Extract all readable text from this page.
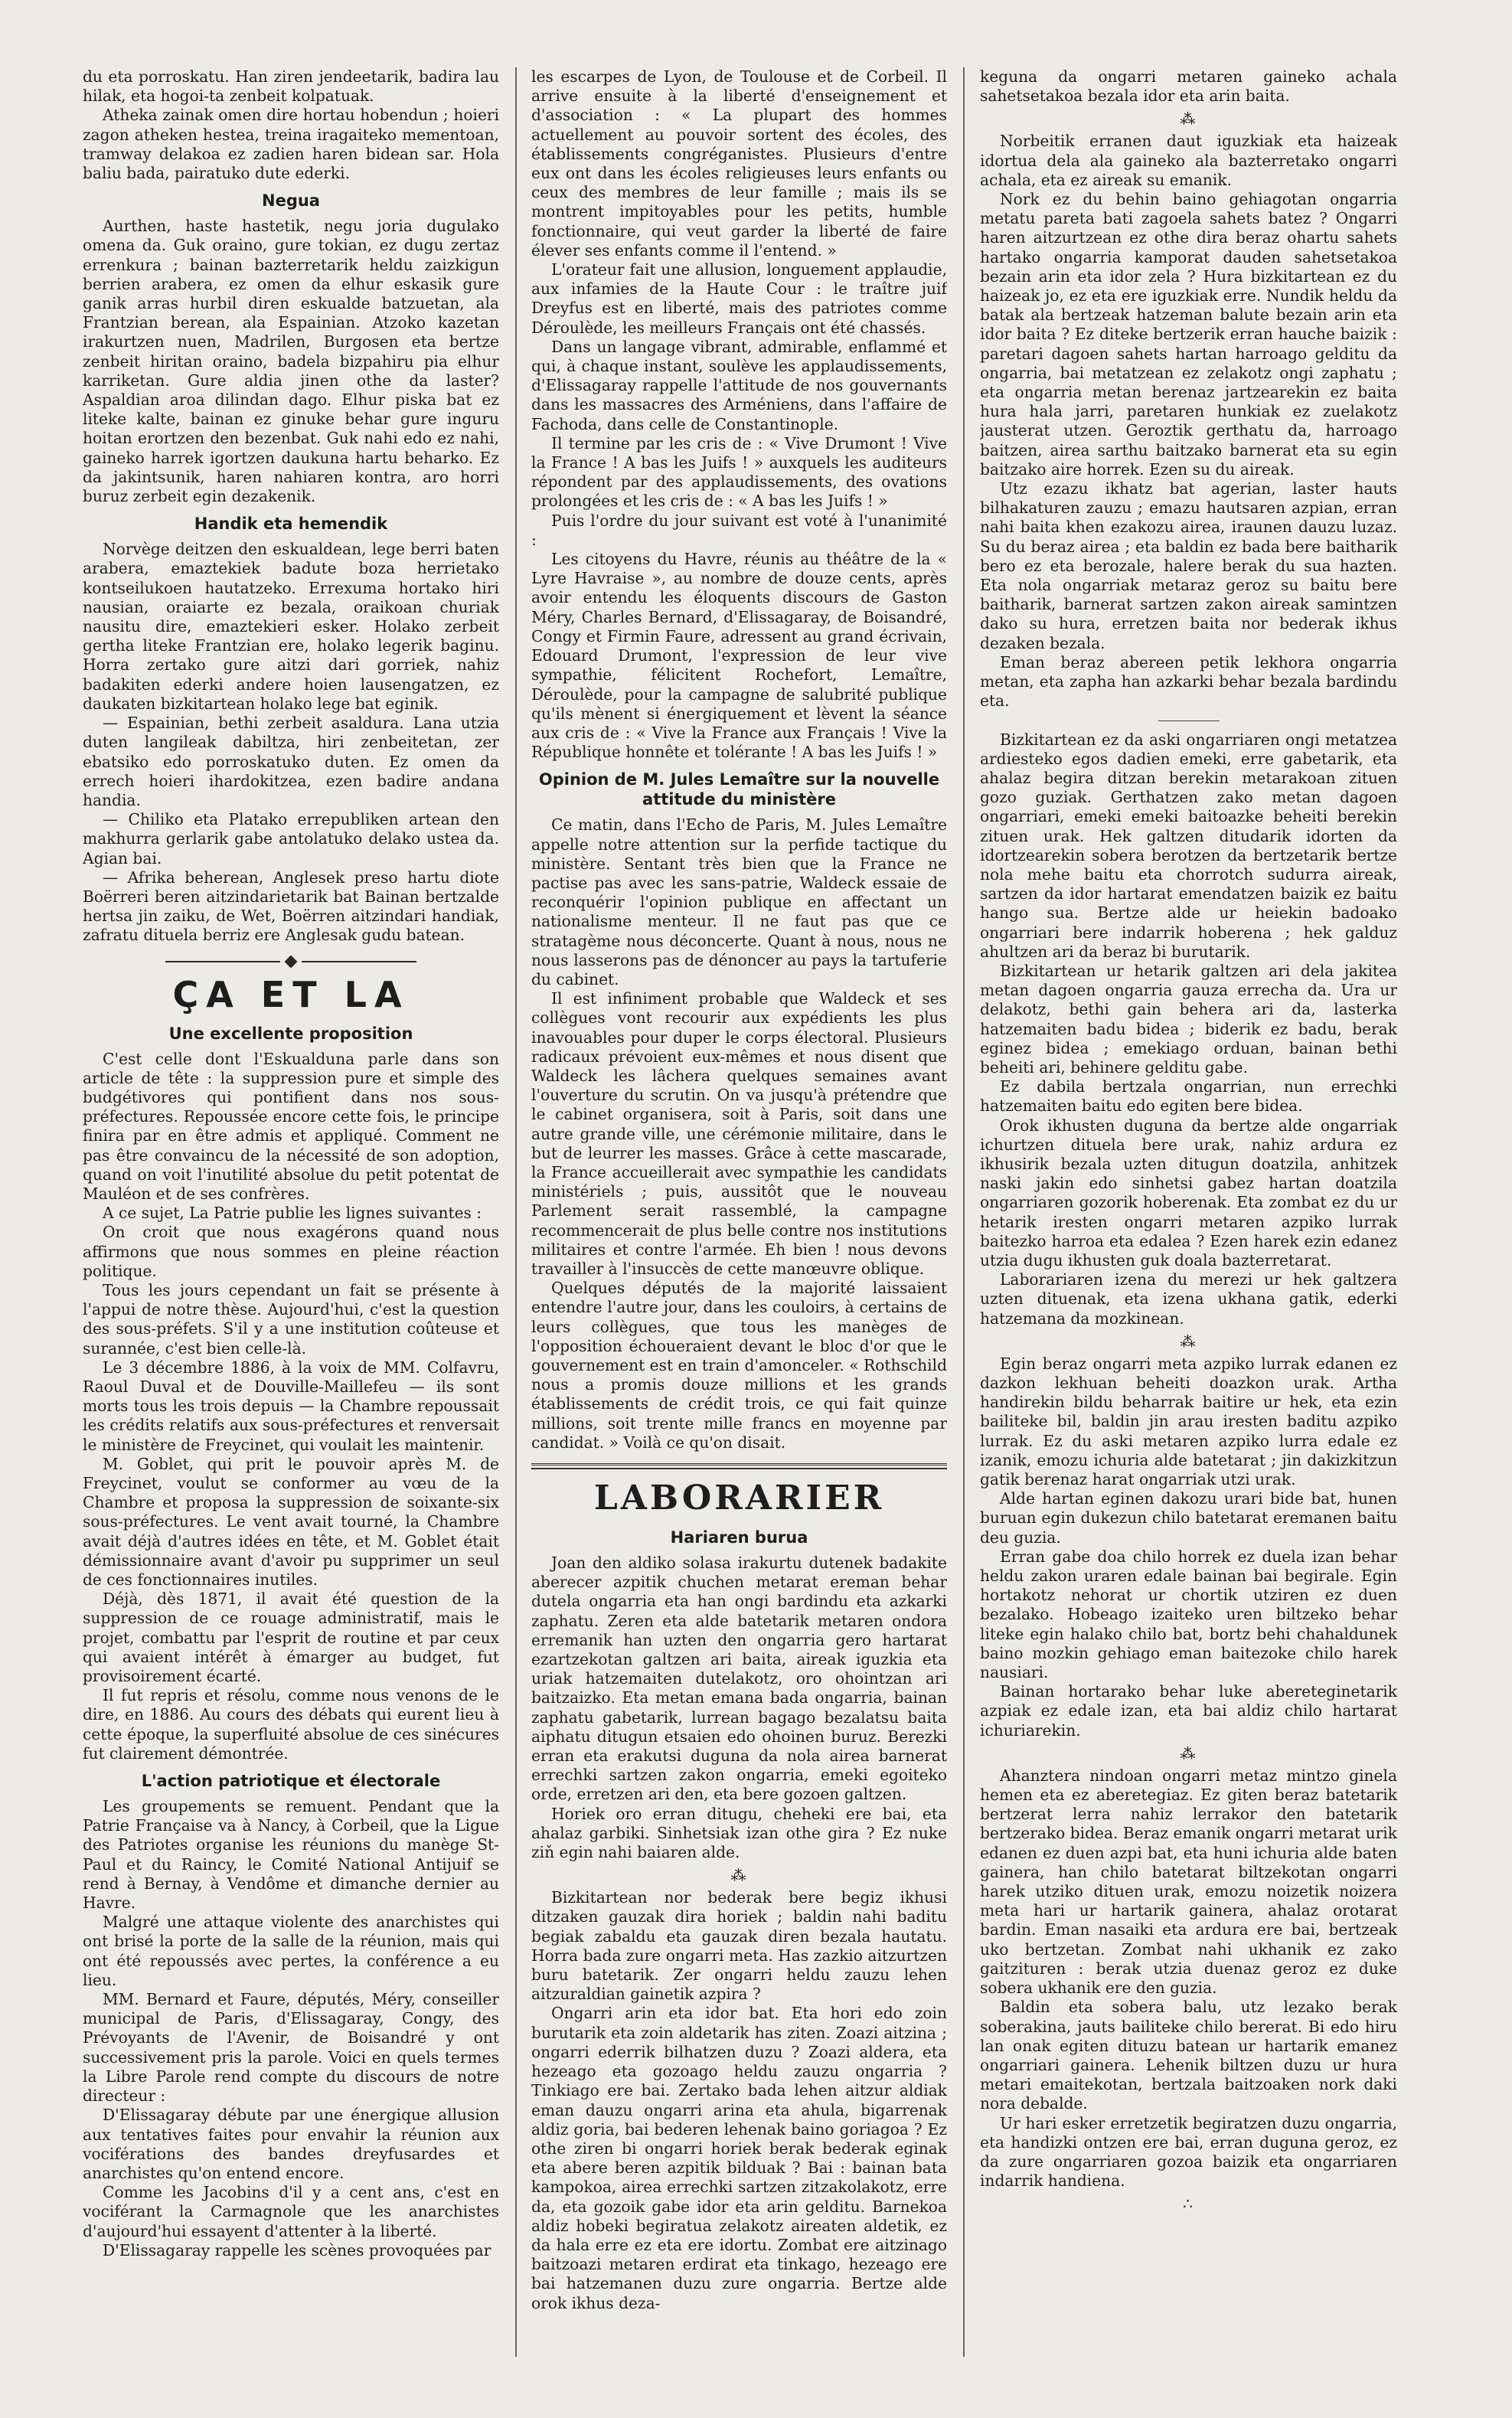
du eta porroskatu. Han ziren jendeetarik, badira lau hilak, eta hogoi-ta zenbeit kolpatuak.

Atheka zainak omen dire hortau hobendun ; hoieri zagon atheken hestea, treina iragaiteko mementoan, tramway delakoa ez zadien haren bidean sar. Hola baliu bada, pairatuko dute ederki.

Negua

Aurthen, haste hastetik, negu joria dugulako omena da. Guk oraino, gure tokian, ez dugu zertaz errenkura ; bainan bazterretarik heldu zaizkigun berrien arabera, ez omen da elhur eskasik gure ganik arras hurbil diren eskualde batzuetan, ala Frantzian berean, ala Espainian. Atzoko kazetan irakurtzen nuen, Madrilen, Burgosen eta bertze zenbeit hiritan oraino, badela bizpahiru pia elhur karriketan. Gure aldia jinen othe da laster? Aspaldian aroa dilindan dago. Elhur piska bat ez liteke kalte, bainan ez ginuke behar gure inguru hoitan erortzen den bezenbat. Guk nahi edo ez nahi, gaineko harrek igortzen daukuna hartu beharko. Ez da jakintsunik, haren nahiaren kontra, aro horri buruz zerbeit egin dezakenik.

Handik eta hemendik

Norvège deitzen den eskualdean, lege berri baten arabera, emaztekiek badute boza herrietako kontseilukoen hautatzeko. Errexuma hortako hiri nausian, oraiarte ez bezala, oraikoan churiak nausitu dire, emaztekieri esker. Holako zerbeit gertha liteke Frantzian ere, holako legerik baginu. Horra zertako gure aitzi dari gorriek, nahiz badakiten ederki andere hoien lausengatzen, ez daukaten bizkitartean holako lege bat eginik.

— Espainian, bethi zerbeit asaldura. Lana utzia duten langileak dabiltza, hiri zenbeitetan, zer ebatsiko edo porroskatuko duten. Ez omen da errech hoieri ihardokitzea, ezen badire andana handia.

— Chiliko eta Platako errepubliken artean den makhurra gerlarik gabe antolatuko delako ustea da. Agian bai.

— Afrika beherean, Anglesek preso hartu diote Boërreri beren aitzindarietarik bat Bainan bertzalde hertsa jin zaiku, de Wet, Boërren aitzindari handiak, zafratu dituela berriz ere Anglesak gudu batean.

ÇA ET LA
Une excellente proposition

C'est celle dont l'Eskualduna parle dans son article de tête : la suppression pure et simple des budgétivores qui pontifient dans nos sous-préfectures. Repoussée encore cette fois, le principe finira par en être admis et appliqué. Comment ne pas être convaincu de la nécessité de son adoption, quand on voit l'inutilité absolue du petit potentat de Mauléon et de ses confrères.

A ce sujet, La Patrie publie les lignes suivantes :

On croit que nous exagérons quand nous affirmons que nous sommes en pleine réaction politique.

Tous les jours cependant un fait se présente à l'appui de notre thèse. Aujourd'hui, c'est la question des sous-préfets. S'il y a une institution coûteuse et surannée, c'est bien celle-là.

Le 3 décembre 1886, à la voix de MM. Colfavru, Raoul Duval et de Douville-Maillefeu — ils sont morts tous les trois depuis — la Chambre repoussait les crédits relatifs aux sous-préfectures et renversait le ministère de Freycinet, qui voulait les maintenir.

M. Goblet, qui prit le pouvoir après M. de Freycinet, voulut se conformer au vœu de la Chambre et proposa la suppression de soixante-six sous-préfectures. Le vent avait tourné, la Chambre avait déjà d'autres idées en tête, et M. Goblet était démissionnaire avant d'avoir pu supprimer un seul de ces fonctionnaires inutiles.

Déjà, dès 1871, il avait été question de la suppression de ce rouage administratif, mais le projet, combattu par l'esprit de routine et par ceux qui avaient intérêt à émarger au budget, fut provisoirement écarté.

Il fut repris et résolu, comme nous venons de le dire, en 1886. Au cours des débats qui eurent lieu à cette époque, la superfluité absolue de ces sinécures fut clairement démontrée.

L'action patriotique et électorale

Les groupements se remuent. Pendant que la Patrie Française va à Nancy, à Corbeil, que la Ligue des Patriotes organise les réunions du manège St-Paul et du Raincy, le Comité National Antijuif se rend à Bernay, à Vendôme et dimanche dernier au Havre.

Malgré une attaque violente des anarchistes qui ont brisé la porte de la salle de la réunion, mais qui ont été repoussés avec pertes, la conférence a eu lieu.

MM. Bernard et Faure, députés, Méry, conseiller municipal de Paris, d'Elissagaray, Congy, des Prévoyants de l'Avenir, de Boisandré y ont successivement pris la parole. Voici en quels termes la Libre Parole rend compte du discours de notre directeur :

D'Elissagaray débute par une énergique allusion aux tentatives faites pour envahir la réunion aux vociférations des bandes dreyfusardes et anarchistes qu'on entend encore.

Comme les Jacobins d'il y a cent ans, c'est en vociférant la Carmagnole que les anarchistes d'aujourd'hui essayent d'attenter à la liberté.

D'Elissagaray rappelle les scènes provoquées par

les escarpes de Lyon, de Toulouse et de Corbeil. Il arrive ensuite à la liberté d'enseignement et d'association : « La plupart des hommes actuellement au pouvoir sortent des écoles, des établissements congréganistes. Plusieurs d'entre eux ont dans les écoles religieuses leurs enfants ou ceux des membres de leur famille ; mais ils se montrent impitoyables pour les petits, humble fonctionnaire, qui veut garder la liberté de faire élever ses enfants comme il l'entend. »

L'orateur fait une allusion, longuement applaudie, aux infamies de la Haute Cour : le traître juif Dreyfus est en liberté, mais des patriotes comme Déroulède, les meilleurs Français ont été chassés.

Dans un langage vibrant, admirable, enflammé et qui, à chaque instant, soulève les applaudissements, d'Elissagaray rappelle l'attitude de nos gouvernants dans les massacres des Arméniens, dans l'affaire de Fachoda, dans celle de Constantinople.

Il termine par les cris de : « Vive Drumont ! Vive la France ! A bas les Juifs ! » auxquels les auditeurs répondent par des applaudissements, des ovations prolongées et les cris de : « A bas les Juifs ! »

Puis l'ordre du jour suivant est voté à l'unanimité :

Les citoyens du Havre, réunis au théâtre de la « Lyre Havraise », au nombre de douze cents, après avoir entendu les éloquents discours de Gaston Méry, Charles Bernard, d'Elissagaray, de Boisandré, Congy et Firmin Faure, adressent au grand écrivain, Edouard Drumont, l'expression de leur vive sympathie, félicitent Rochefort, Lemaître, Déroulède, pour la campagne de salubrité publique qu'ils mènent si énergiquement et lèvent la séance aux cris de : « Vive la France aux Français ! Vive la République honnête et tolérante ! A bas les Juifs ! »

Opinion de M. Jules Lemaître sur la nouvelle attitude du ministère

Ce matin, dans l'Echo de Paris, M. Jules Lemaître appelle notre attention sur la perfide tactique du ministère. Sentant très bien que la France ne pactise pas avec les sans-patrie, Waldeck essaie de reconquérir l'opinion publique en affectant un nationalisme menteur. Il ne faut pas que ce stratagème nous déconcerte. Quant à nous, nous ne nous lasserons pas de dénoncer au pays la tartuferie du cabinet.

Il est infiniment probable que Waldeck et ses collègues vont recourir aux expédients les plus inavouables pour duper le corps électoral. Plusieurs radicaux prévoient eux-mêmes et nous disent que Waldeck les lâchera quelques semaines avant l'ouverture du scrutin. On va jusqu'à prétendre que le cabinet organisera, soit à Paris, soit dans une autre grande ville, une cérémonie militaire, dans le but de leurrer les masses. Grâce à cette mascarade, la France accueillerait avec sympathie les candidats ministériels ; puis, aussitôt que le nouveau Parlement serait rassemblé, la campagne recommencerait de plus belle contre nos institutions militaires et contre l'armée. Eh bien ! nous devons travailler à l'insuccès de cette manœuvre oblique.

Quelques députés de la majorité laissaient entendre l'autre jour, dans les couloirs, à certains de leurs collègues, que tous les manèges de l'opposition échoueraient devant le bloc d'or que le gouvernement est en train d'amonceler. « Rothschild nous a promis douze millions et les grands établissements de crédit trois, ce qui fait quinze millions, soit trente mille francs en moyenne par candidat. » Voilà ce qu'on disait.

LABORARIER
Hariaren burua

Joan den aldiko solasa irakurtu dutenek badakite aberecer azpitik chuchen metarat ereman behar dutela ongarria eta han ongi bardindu eta azkarki zaphatu. Zeren eta alde batetarik metaren ondora erremanik han uzten den ongarria gero hartarat ezartzekotan galtzen ari baita, aireak iguzkia eta uriak hatzemaiten dutelakotz, oro ohointzan ari baitzaizko. Eta metan emana bada ongarria, bainan zaphatu gabetarik, lurrean bagago bezalatsu baita aiphatu ditugun etsaien edo ohoinen buruz. Berezki erran eta erakutsi duguna da nola airea barnerat errechki sartzen zakon ongarria, emeki egoiteko orde, erretzen ari den, eta bere gozoen galtzen.

Horiek oro erran ditugu, cheheki ere bai, eta ahalaz garbiki. Sinhetsiak izan othe gira ? Ez nuke ziň egin nahi baiaren alde.

⁂

Bizkitartean nor bederak bere begiz ikhusi ditzaken gauzak dira horiek ; baldin nahi baditu begiak zabaldu eta gauzak diren bezala hautatu. Horra bada zure ongarri meta. Has zazkio aitzurtzen buru batetarik. Zer ongarri heldu zauzu lehen aitzuraldian gainetik azpira ?

Ongarri arin eta idor bat. Eta hori edo zoin burutarik eta zoin aldetarik has ziten. Zoazi aitzina ; ongarri ederrik bilhatzen duzu ? Zoazi aldera, eta hezeago eta gozoago heldu zauzu ongarria ? Tinkiago ere bai. Zertako bada lehen aitzur aldiak eman dauzu ongarri arina eta ahula, bigarrenak aldiz goria, bai bederen lehenak baino goriagoa ? Ez othe ziren bi ongarri horiek berak bederak eginak eta abere beren azpitik bilduak ? Bai : bainan bata kampokoa, airea errechki sartzen zitzakolakotz, erre da, eta gozoik gabe idor eta arin gelditu. Barnekoa aldiz hobeki begiratua zelakotz aireaten aldetik, ez da hala erre ez eta ere idortu. Zombat ere aitzinago baitzoazi metaren erdirat eta tinkago, hezeago ere bai hatzemanen duzu zure ongarria. Bertze alde orok ikhus deza-

keguna da ongarri metaren gaineko achala sahetsetakoa bezala idor eta arin baita.

⁂

Norbeitik erranen daut iguzkiak eta haizeak idortua dela ala gaineko ala bazterretako ongarri achala, eta ez aireak su emanik.

Nork ez du behin baino gehiagotan ongarria metatu pareta bati zagoela sahets batez ? Ongarri haren aitzurtzean ez othe dira beraz ohartu sahets hartako ongarria kamporat dauden sahetsetakoa bezain arin eta idor zela ? Hura bizkitartean ez du haizeak jo, ez eta ere iguzkiak erre. Nundik heldu da batak ala bertzeak hatzeman balute bezain arin eta idor baita ? Ez diteke bertzerik erran hauche baizik : paretari dagoen sahets hartan harroago gelditu da ongarria, bai metatzean ez zelakotz ongi zaphatu ; eta ongarria metan berenaz jartzearekin ez baita hura hala jarri, paretaren hunkiak ez zuelakotz jausterat utzen. Geroztik gerthatu da, harroago baitzen, airea sarthu baitzako barnerat eta su egin baitzako aire horrek. Ezen su du aireak.

Utz ezazu ikhatz bat agerian, laster hauts bilhakaturen zauzu ; emazu hautsaren azpian, erran nahi baita khen ezakozu airea, iraunen dauzu luzaz. Su du beraz airea ; eta baldin ez bada bere baitharik bero ez eta berozale, halere berak du sua hazten. Eta nola ongarriak metaraz geroz su baitu bere baitharik, barnerat sartzen zakon aireak samintzen dako su hura, erretzen baita nor bederak ikhus dezaken bezala.

Eman beraz abereen petik lekhora ongarria metan, eta zapha han azkarki behar bezala bardindu eta.

Bizkitartean ez da aski ongarriaren ongi metatzea ardiesteko egos dadien emeki, erre gabetarik, eta ahalaz begira ditzan berekin metarakoan zituen gozo guziak. Gerthatzen zako metan dagoen ongarriari, emeki emeki baitoazke beheiti berekin zituen urak. Hek galtzen ditudarik idorten da idortzearekin sobera berotzen da bertzetarik bertze nola mehe baitu eta chorrotch sudurra aireak, sartzen da idor hartarat emendatzen baizik ez baitu hango sua. Bertze alde ur heiekin badoako ongarriari bere indarrik hoberena ; hek galduz ahultzen ari da beraz bi burutarik.

Bizkitartean ur hetarik galtzen ari dela jakitea metan dagoen ongarria gauza errecha da. Ura ur delakotz, bethi gain behera ari da, lasterka hatzemaiten badu bidea ; biderik ez badu, berak eginez bidea ; emekiago orduan, bainan bethi beheiti ari, behinere gelditu gabe.

Ez dabila bertzala ongarrian, nun errechki hatzemaiten baitu edo egiten bere bidea.

Orok ikhusten duguna da bertze alde ongarriak ichurtzen dituela bere urak, nahiz ardura ez ikhusirik bezala uzten ditugun doatzila, anhitzek naski jakin edo sinhetsi gabez hartan doatzila ongarriaren gozorik hoberenak. Eta zombat ez du ur hetarik iresten ongarri metaren azpiko lurrak baitezko harroa eta edalea ? Ezen harek ezin edanez utzia dugu ikhusten guk doala bazterretarat.

Laborariaren izena du merezi ur hek galtzera uzten dituenak, eta izena ukhana gatik, ederki hatzemana da mozkinean.

⁂

Egin beraz ongarri meta azpiko lurrak edanen ez dazkon lekhuan beheiti doazkon urak. Artha handirekin bildu beharrak baitire ur hek, eta ezin bailiteke bil, baldin jin arau iresten baditu azpiko lurrak. Ez du aski metaren azpiko lurra edale ez izanik, emozu ichuria alde batetarat ; jin dakizkitzun gatik berenaz harat ongarriak utzi urak.

Alde hartan eginen dakozu urari bide bat, hunen buruan egin dukezun chilo batetarat eremanen baitu deu guzia.

Erran gabe doa chilo horrek ez duela izan behar heldu zakon uraren edale bainan bai begirale. Egin hortakotz nehorat ur chortik utziren ez duen bezalako. Hobeago izaiteko uren biltzeko behar liteke egin halako chilo bat, bortz behi chahaldunek baino mozkin gehiago eman baitezoke chilo harek nausiari.

Bainan hortarako behar luke abereteginetarik azpiak ez edale izan, eta bai aldiz chilo hartarat ichuriarekin.

⁂

Ahanztera nindoan ongarri metaz mintzo ginela hemen eta ez aberetegiaz. Ez giten beraz batetarik bertzerat lerra nahiz lerrakor den batetarik bertzerako bidea. Beraz emanik ongarri metarat urik edanen ez duen azpi bat, eta huni ichuria alde baten gainera, han chilo batetarat biltzekotan ongarri harek utziko dituen urak, emozu noizetik noizera meta hari ur hartarik gainera, ahalaz orotarat bardin. Eman nasaiki eta ardura ere bai, bertzeak uko bertzetan. Zombat nahi ukhanik ez zako gaitzituren : berak utzia duenaz geroz ez duke sobera ukhanik ere den guzia.

Baldin eta sobera balu, utz lezako berak soberakina, jauts bailiteke chilo bererat. Bi edo hiru lan onak egiten dituzu batean ur hartarik emanez ongarriari gainera. Lehenik biltzen duzu ur hura metari emaitekotan, bertzala baitzoaken nork daki nora debalde.

Ur hari esker erretzetik begiratzen duzu ongarria, eta handizki ontzen ere bai, erran duguna geroz, ez da zure ongarriaren gozoa baizik eta ongarriaren indarrik handiena.

∴
